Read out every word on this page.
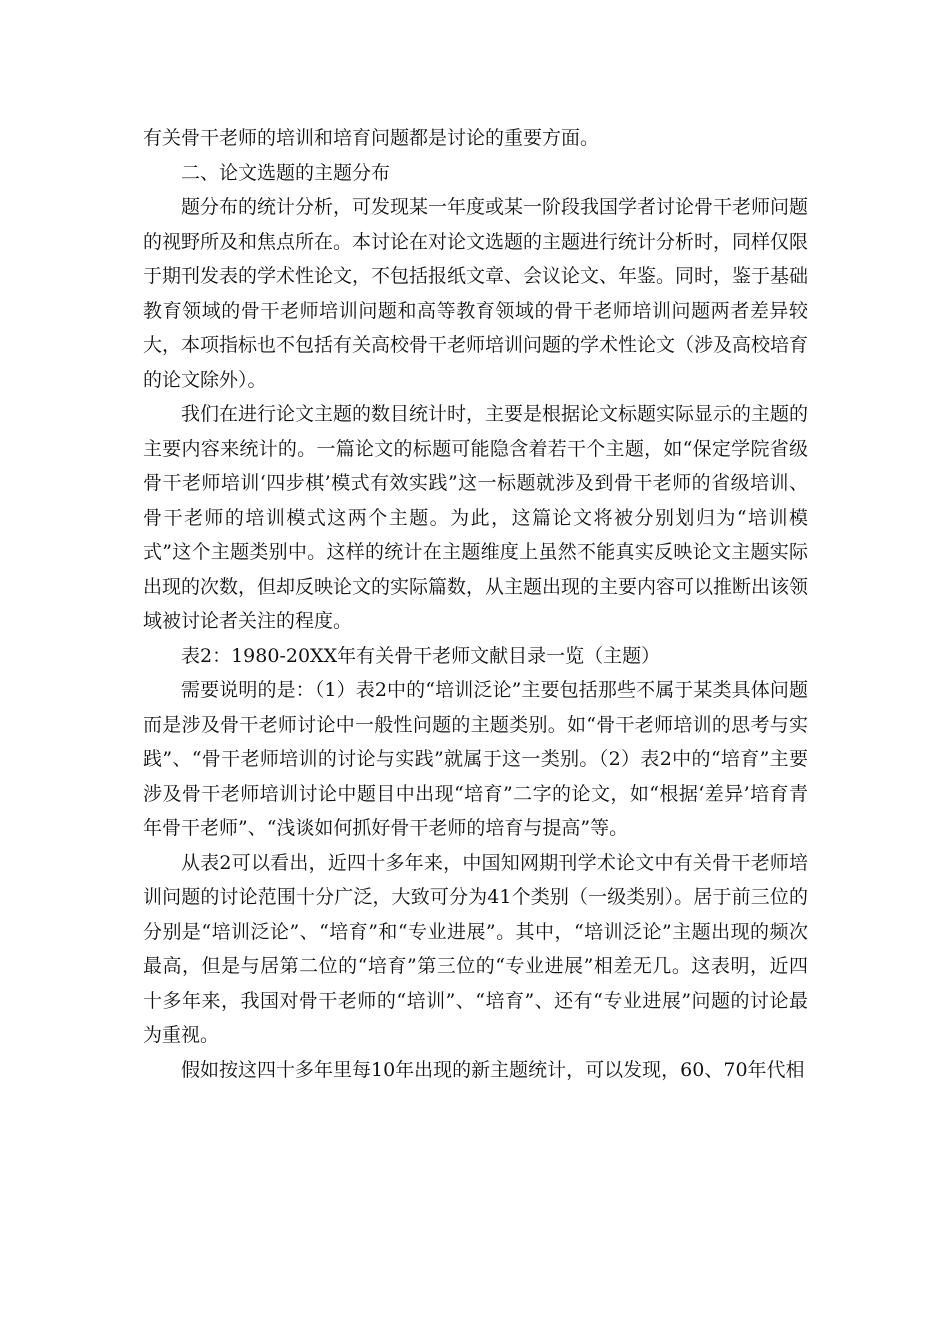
有关骨干老师的培训和培育问题都是讨论的重要方面。

二、论文选题的主题分布

题分布的统计分析，可发现某一年度或某一阶段我国学者讨论骨干老师问题的视野所及和焦点所在。本讨论在对论文选题的主题进行统计分析时，同样仅限于期刊发表的学术性论文，不包括报纸文章、会议论文、年鉴。同时，鉴于基础教育领域的骨干老师培训问题和高等教育领域的骨干老师培训问题两者差异较大，本项指标也不包括有关高校骨干老师培训问题的学术性论文（涉及高校培育的论文除外）。

我们在进行论文主题的数目统计时，主要是根据论文标题实际显示的主题的主要内容来统计的。一篇论文的标题可能隐含着若干个主题，如“保定学院省级骨干老师培训‘四步棋’模式有效实践”这一标题就涉及到骨干老师的省级培训、骨干老师的培训模式这两个主题。为此，这篇论文将被分别划归为“培训模式”这个主题类别中。这样的统计在主题维度上虽然不能真实反映论文主题实际出现的次数，但却反映论文的实际篇数，从主题出现的主要内容可以推断出该领域被讨论者关注的程度。

表2：1980-20XX年有关骨干老师文献目录一览（主题）

需要说明的是：（1）表2中的“培训泛论”主要包括那些不属于某类具体问题而是涉及骨干老师讨论中一般性问题的主题类别。如“骨干老师培训的思考与实践”、“骨干老师培训的讨论与实践”就属于这一类别。（2）表2中的“培育”主要涉及骨干老师培训讨论中题目中出现“培育”二字的论文，如“根据‘差异’培育青年骨干老师”、“浅谈如何抓好骨干老师的培育与提高”等。

从表2可以看出，近四十多年来，中国知网期刊学术论文中有关骨干老师培训问题的讨论范围十分广泛，大致可分为41个类别（一级类别）。居于前三位的分别是“培训泛论”、“培育”和“专业进展”。其中，“培训泛论”主题出现的频次最高，但是与居第二位的“培育”第三位的“专业进展”相差无几。这表明，近四十多年来，我国对骨干老师的“培训”、“培育”、还有“专业进展”问题的讨论最为重视。

假如按这四十多年里每10年出现的新主题统计，可以发现，60、70年代相
